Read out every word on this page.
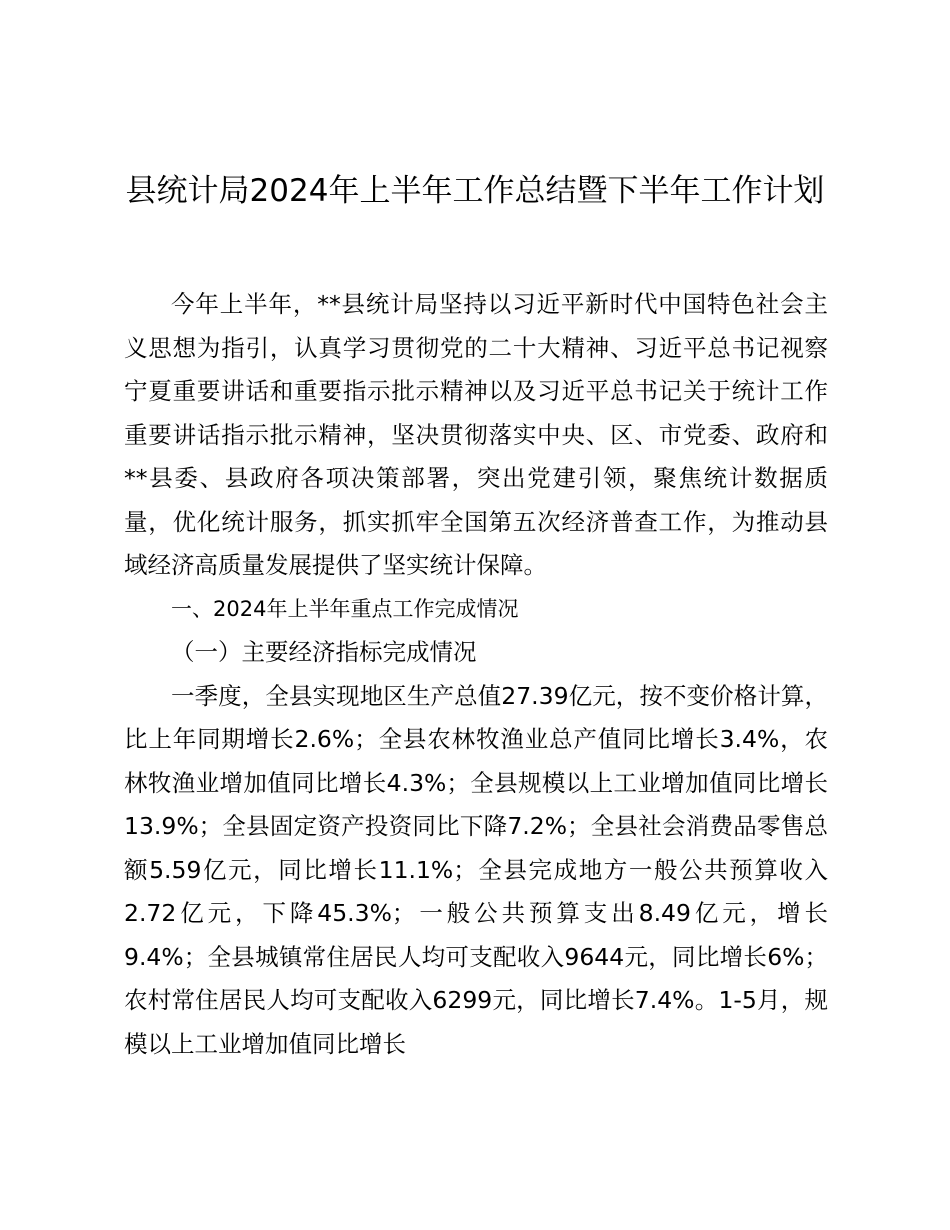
县统计局2024年上半年工作总结暨下半年工作计划

今年上半年，**县统计局坚持以习近平新时代中国特色社会主义思想为指引，认真学习贯彻党的二十大精神、习近平总书记视察宁夏重要讲话和重要指示批示精神以及习近平总书记关于统计工作重要讲话指示批示精神，坚决贯彻落实中央、区、市党委、政府和**县委、县政府各项决策部署，突出党建引领，聚焦统计数据质量，优化统计服务，抓实抓牢全国第五次经济普查工作，为推动县域经济高质量发展提供了坚实统计保障。

一、2024年上半年重点工作完成情况

（一）主要经济指标完成情况

一季度，全县实现地区生产总值27.39亿元，按不变价格计算，比上年同期增长2.6%；全县农林牧渔业总产值同比增长3.4%，农林牧渔业增加值同比增长4.3%；全县规模以上工业增加值同比增长13.9%；全县固定资产投资同比下降7.2%；全县社会消费品零售总额5.59亿元，同比增长11.1%；全县完成地方一般公共预算收入2.72亿元，下降45.3%；一般公共预算支出8.49亿元，增长9.4%；全县城镇常住居民人均可支配收入9644元，同比增长6%；农村常住居民人均可支配收入6299元，同比增长7.4%。1-5月，规模以上工业增加值同比增长
